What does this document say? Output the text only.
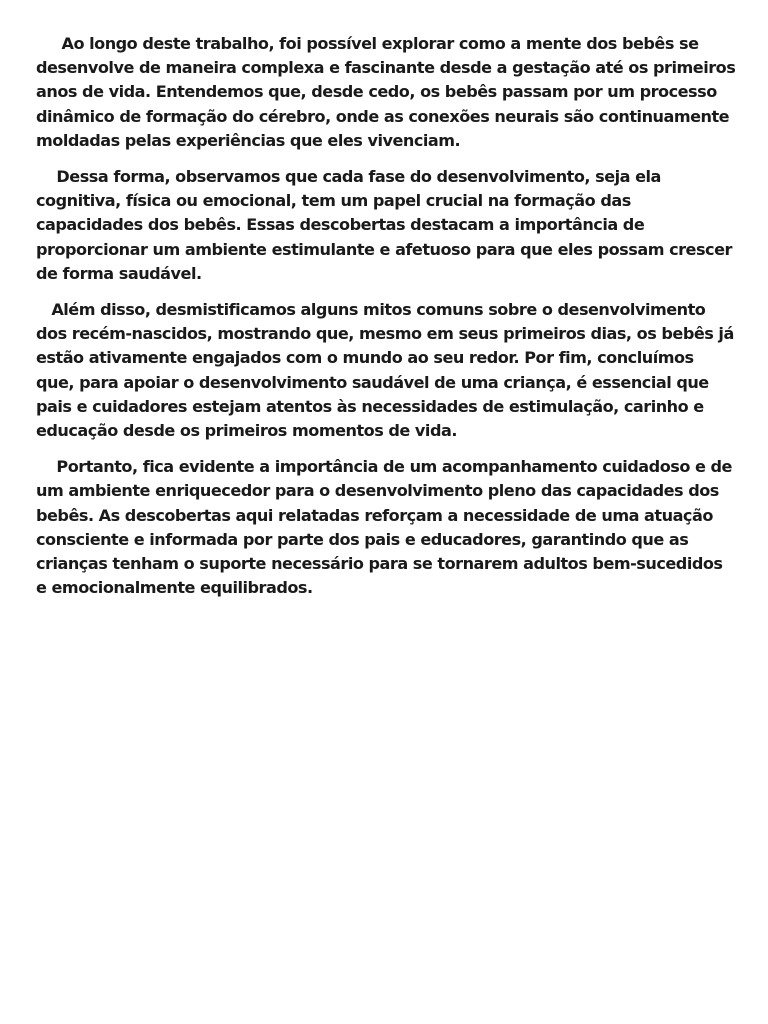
Ao longo deste trabalho, foi possível explorar como a mente dos bebês se desenvolve de maneira complexa e fascinante desde a gestação até os primeiros anos de vida. Entendemos que, desde cedo, os bebês passam por um processo dinâmico de formação do cérebro, onde as conexões neurais são continuamente moldadas pelas experiências que eles vivenciam.

Dessa forma, observamos que cada fase do desenvolvimento, seja ela cognitiva, física ou emocional, tem um papel crucial na formação das capacidades dos bebês. Essas descobertas destacam a importância de proporcionar um ambiente estimulante e afetuoso para que eles possam crescer de forma saudável.

Além disso, desmistificamos alguns mitos comuns sobre o desenvolvimento dos recém-nascidos, mostrando que, mesmo em seus primeiros dias, os bebês já estão ativamente engajados com o mundo ao seu redor. Por fim, concluímos que, para apoiar o desenvolvimento saudável de uma criança, é essencial que pais e cuidadores estejam atentos às necessidades de estimulação, carinho e educação desde os primeiros momentos de vida.

Portanto, fica evidente a importância de um acompanhamento cuidadoso e de um ambiente enriquecedor para o desenvolvimento pleno das capacidades dos bebês. As descobertas aqui relatadas reforçam a necessidade de uma atuação consciente e informada por parte dos pais e educadores, garantindo que as crianças tenham o suporte necessário para se tornarem adultos bem-sucedidos e emocionalmente equilibrados.
